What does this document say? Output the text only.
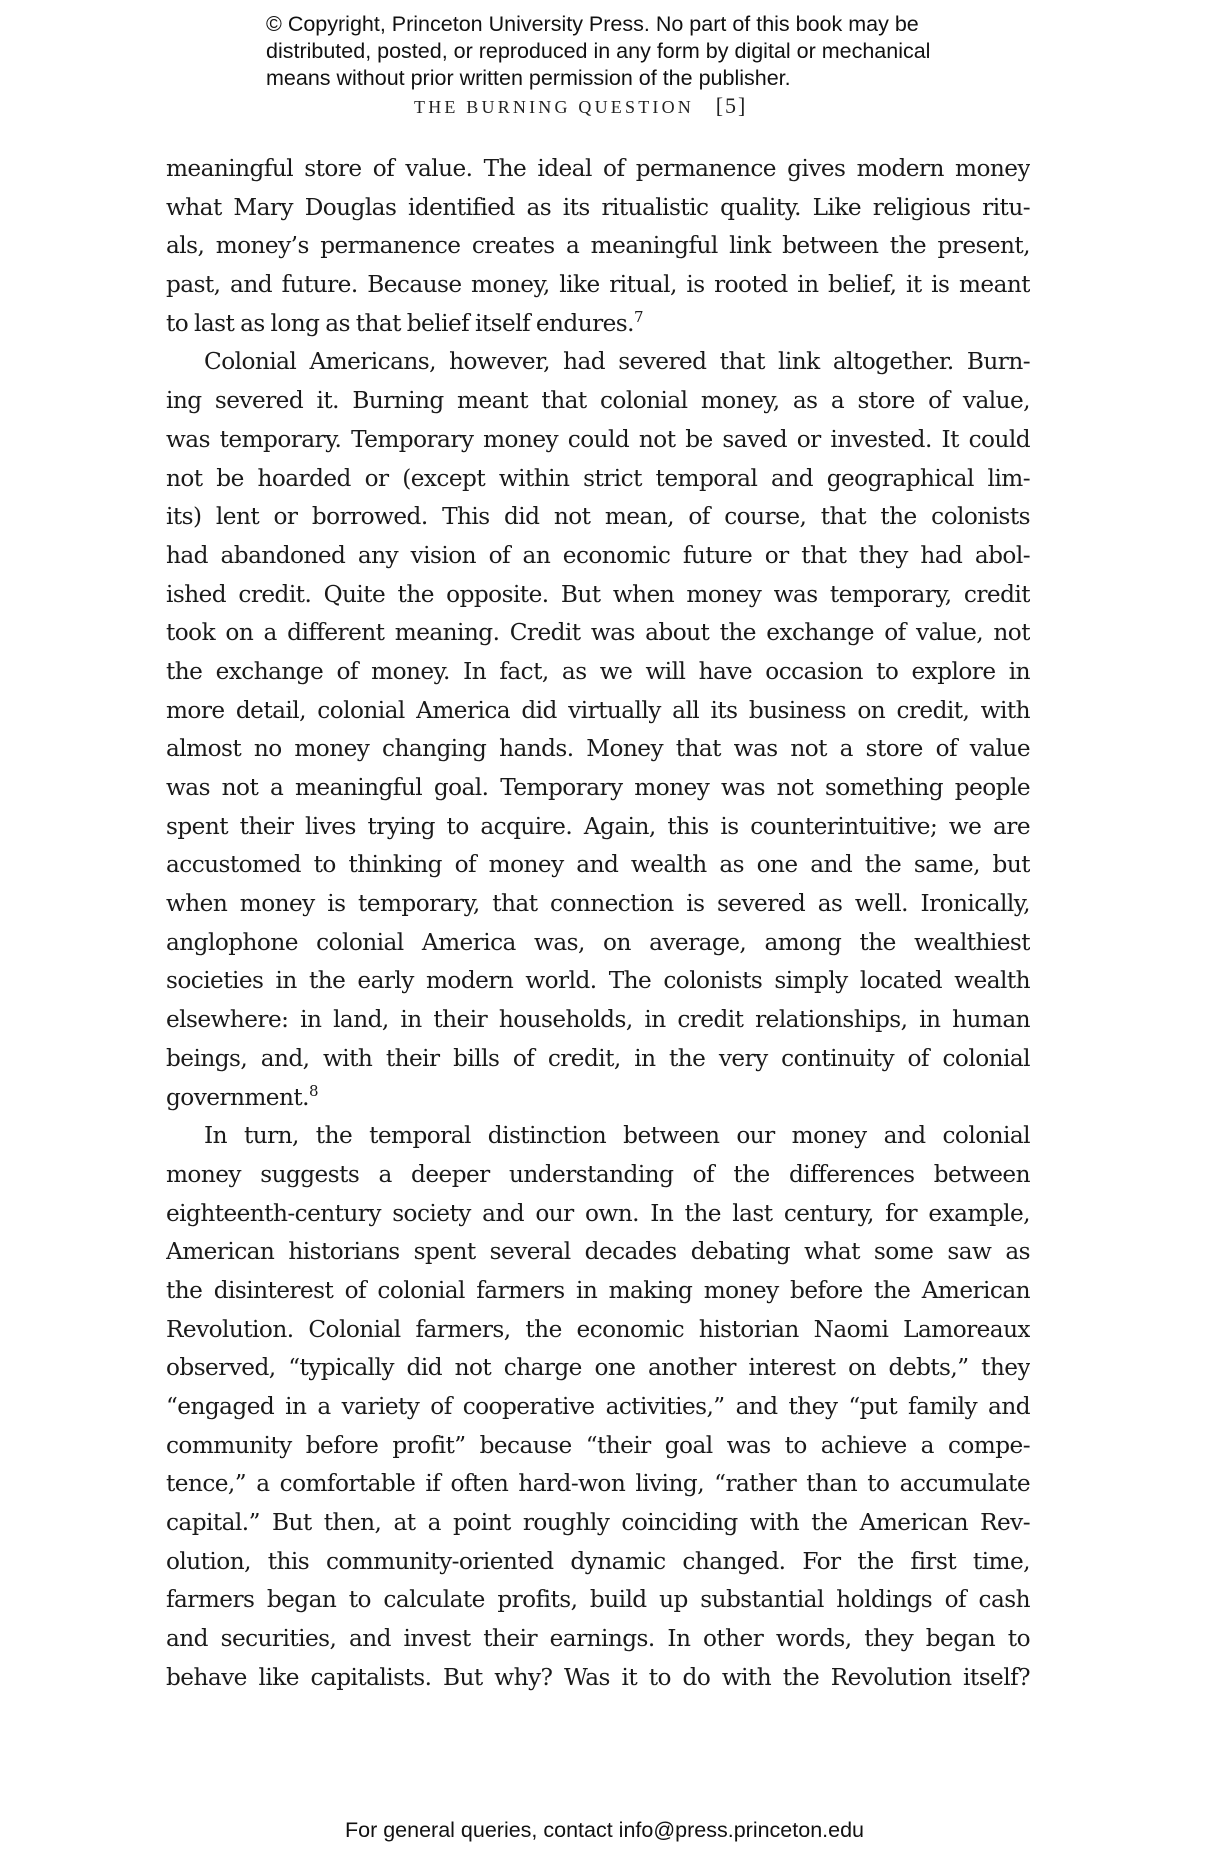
© Copyright, Princeton University Press. No part of this book may be
distributed, posted, or reproduced in any form by digital or mechanical
means without prior written permission of the publisher.
THE BURNING QUESTION [5]
meaningful store of value. The ideal of permanence gives modern money
what Mary Douglas identified as its ritualistic quality. Like religious ritu-
als, money’s permanence creates a meaningful link between the present,
past, and future. Because money, like ritual, is rooted in belief, it is meant
to last as long as that belief itself endures.$^7$
Colonial Americans, however, had severed that link altogether. Burn-
ing severed it. Burning meant that colonial money, as a store of value,
was temporary. Temporary money could not be saved or invested. It could
not be hoarded or (except within strict temporal and geographical lim-
its) lent or borrowed. This did not mean, of course, that the colonists
had abandoned any vision of an economic future or that they had abol-
ished credit. Quite the opposite. But when money was temporary, credit
took on a different meaning. Credit was about the exchange of value, not
the exchange of money. In fact, as we will have occasion to explore in
more detail, colonial America did virtually all its business on credit, with
almost no money changing hands. Money that was not a store of value
was not a meaningful goal. Temporary money was not something people
spent their lives trying to acquire. Again, this is counterintuitive; we are
accustomed to thinking of money and wealth as one and the same, but
when money is temporary, that connection is severed as well. Ironically,
anglophone colonial America was, on average, among the wealthiest
societies in the early modern world. The colonists simply located wealth
elsewhere: in land, in their households, in credit relationships, in human
beings, and, with their bills of credit, in the very continuity of colonial
government.$^8$
In turn, the temporal distinction between our money and colonial
money suggests a deeper understanding of the differences between
eighteenth-century society and our own. In the last century, for example,
American historians spent several decades debating what some saw as
the disinterest of colonial farmers in making money before the American
Revolution. Colonial farmers, the economic historian Naomi Lamoreaux
observed, “typically did not charge one another interest on debts,” they
“engaged in a variety of cooperative activities,” and they “put family and
community before profit” because “their goal was to achieve a compe-
tence,” a comfortable if often hard-won living, “rather than to accumulate
capital.” But then, at a point roughly coinciding with the American Rev-
olution, this community-oriented dynamic changed. For the first time,
farmers began to calculate profits, build up substantial holdings of cash
and securities, and invest their earnings. In other words, they began to
behave like capitalists. But why? Was it to do with the Revolution itself?
For general queries, contact info@press.princeton.edu
